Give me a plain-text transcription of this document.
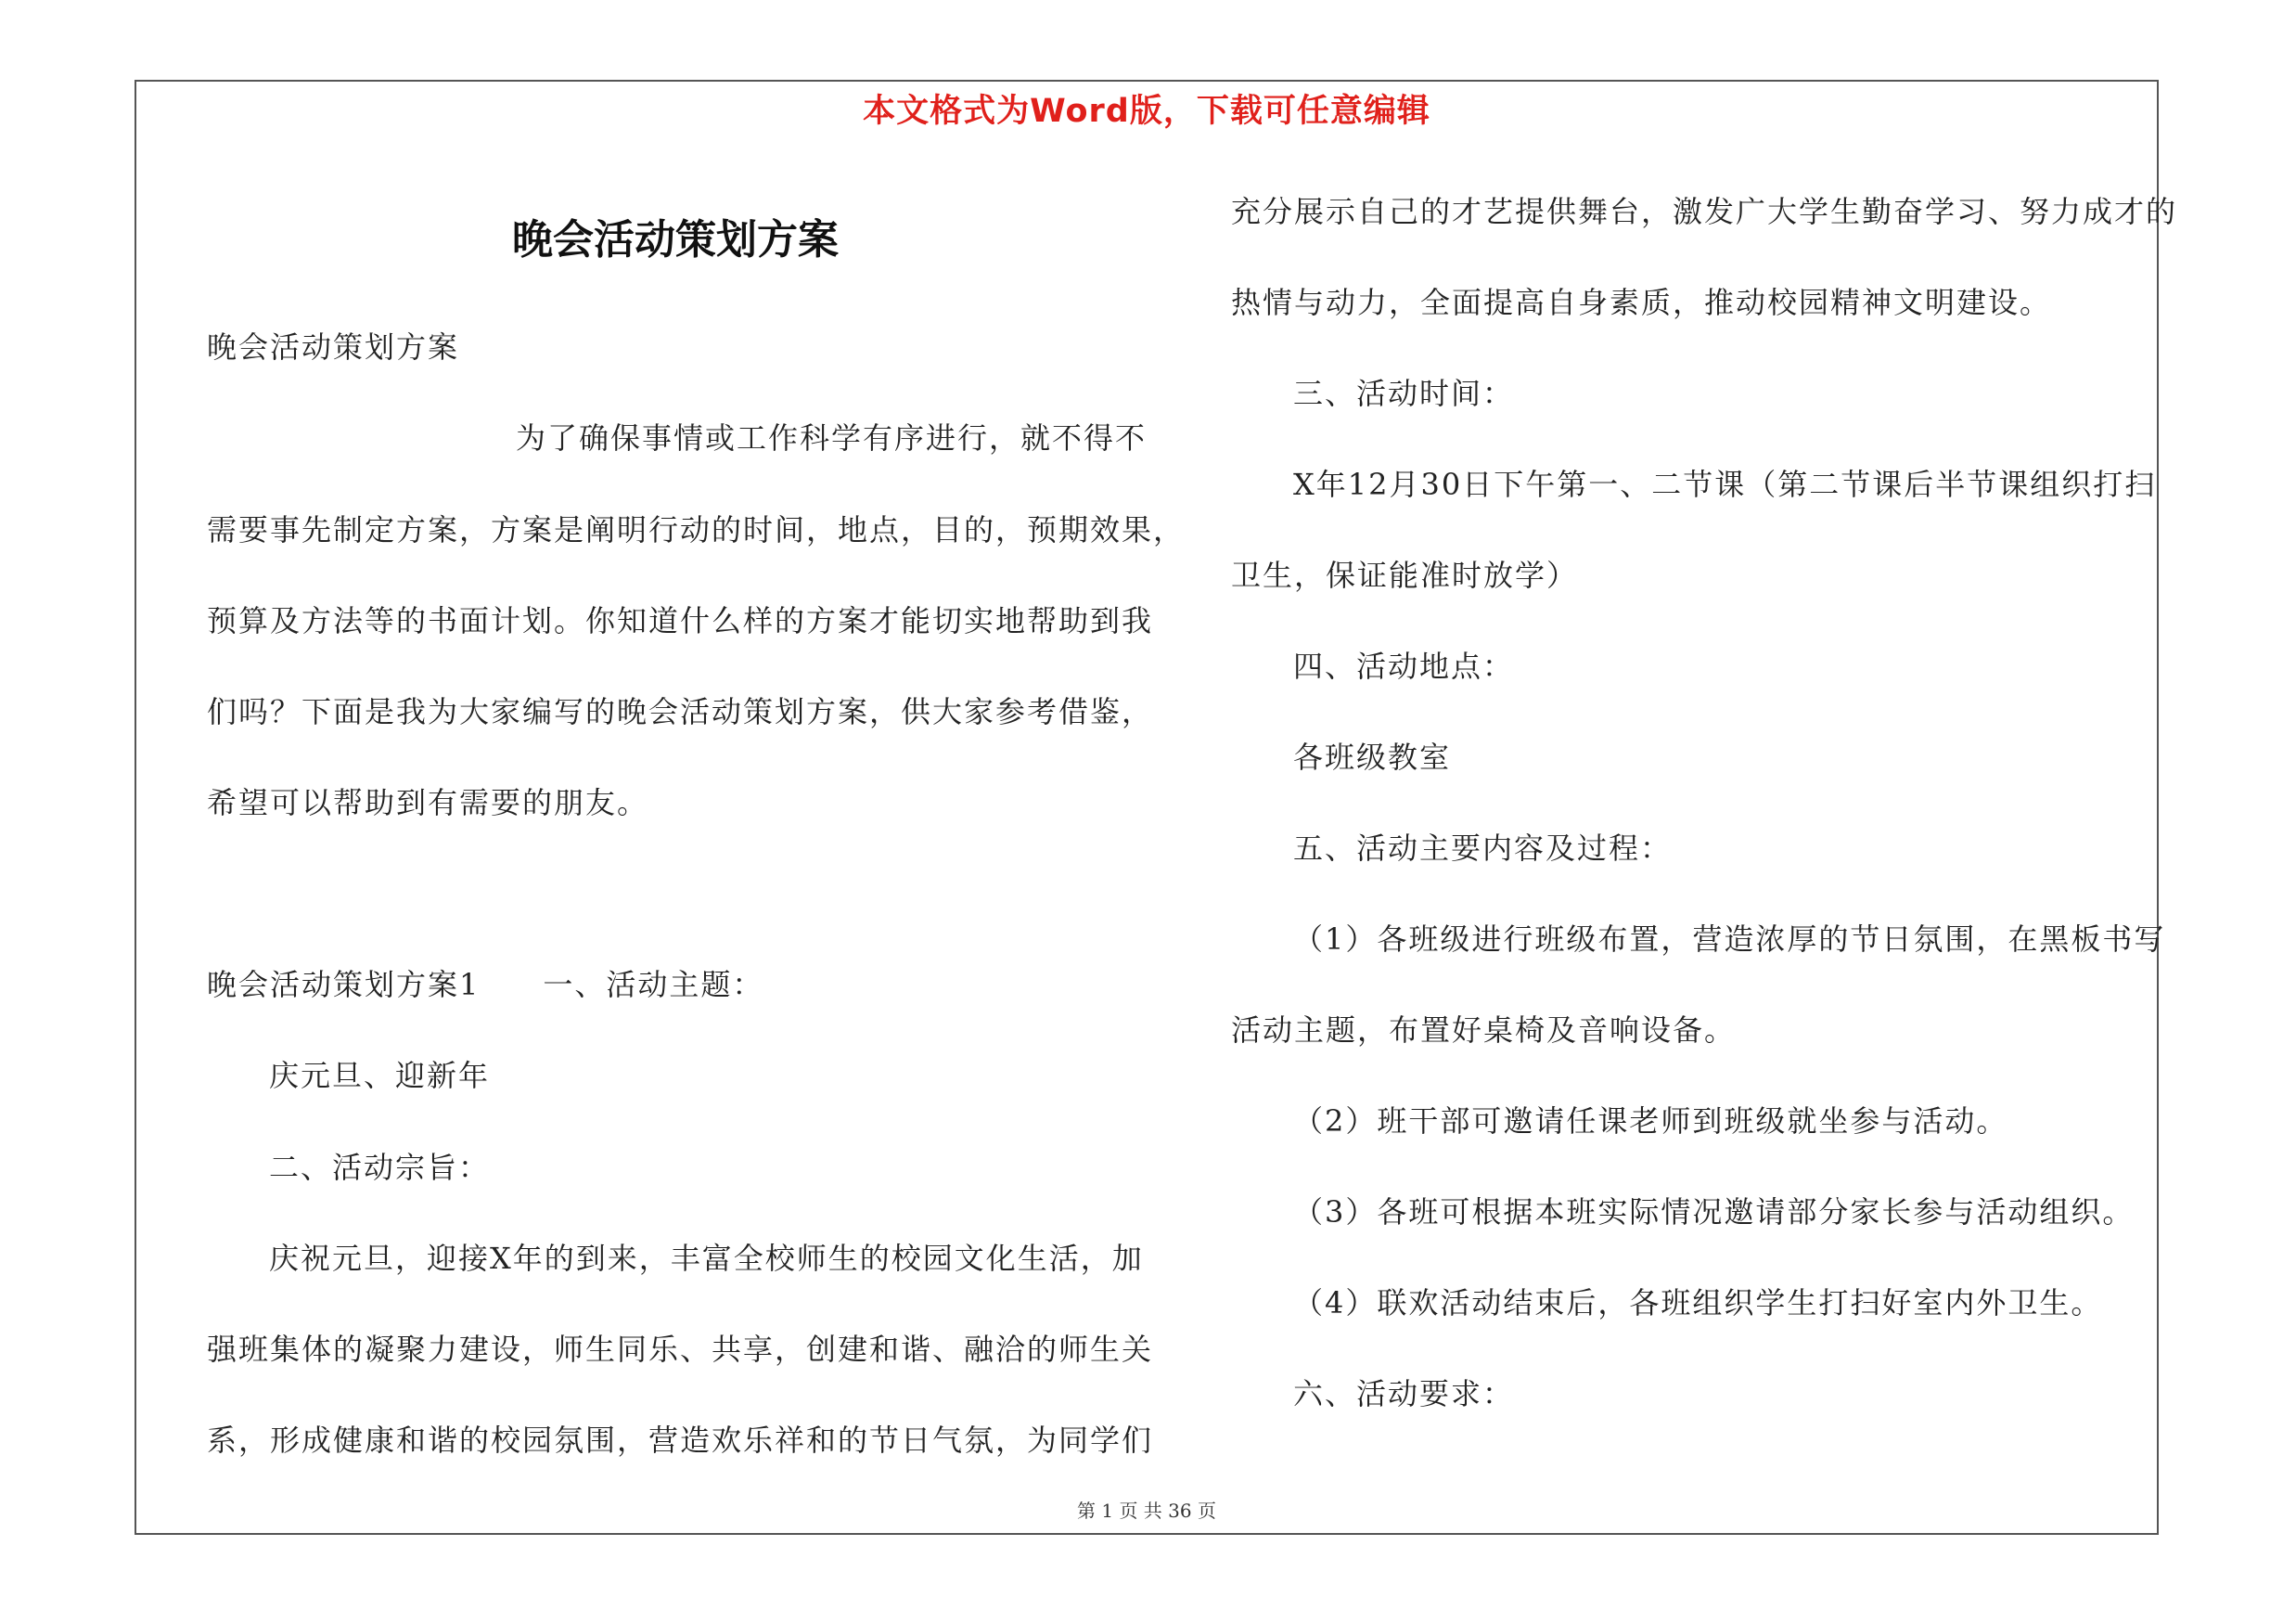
本文格式为Word版，下载可任意编辑
晚会活动策划方案
晚会活动策划方案
为了确保事情或工作科学有序进行，就不得不
需要事先制定方案，方案是阐明行动的时间，地点，目的，预期效果，
预算及方法等的书面计划。你知道什么样的方案才能切实地帮助到我
们吗？下面是我为大家编写的晚会活动策划方案，供大家参考借鉴，
希望可以帮助到有需要的朋友。
晚会活动策划方案1　　一、活动主题：
庆元旦、迎新年
二、活动宗旨：
庆祝元旦，迎接X年的到来，丰富全校师生的校园文化生活，加
强班集体的凝聚力建设，师生同乐、共享，创建和谐、融洽的师生关
系，形成健康和谐的校园氛围，营造欢乐祥和的节日气氛，为同学们
充分展示自己的才艺提供舞台，激发广大学生勤奋学习、努力成才的
热情与动力，全面提高自身素质，推动校园精神文明建设。
三、活动时间：
X年12月30日下午第一、二节课（第二节课后半节课组织打扫
卫生，保证能准时放学）
四、活动地点：
各班级教室
五、活动主要内容及过程：
（1）各班级进行班级布置，营造浓厚的节日氛围，在黑板书写
活动主题，布置好桌椅及音响设备。
（2）班干部可邀请任课老师到班级就坐参与活动。
（3）各班可根据本班实际情况邀请部分家长参与活动组织。
（4）联欢活动结束后，各班组织学生打扫好室内外卫生。
六、活动要求：
第 1 页 共 36 页
